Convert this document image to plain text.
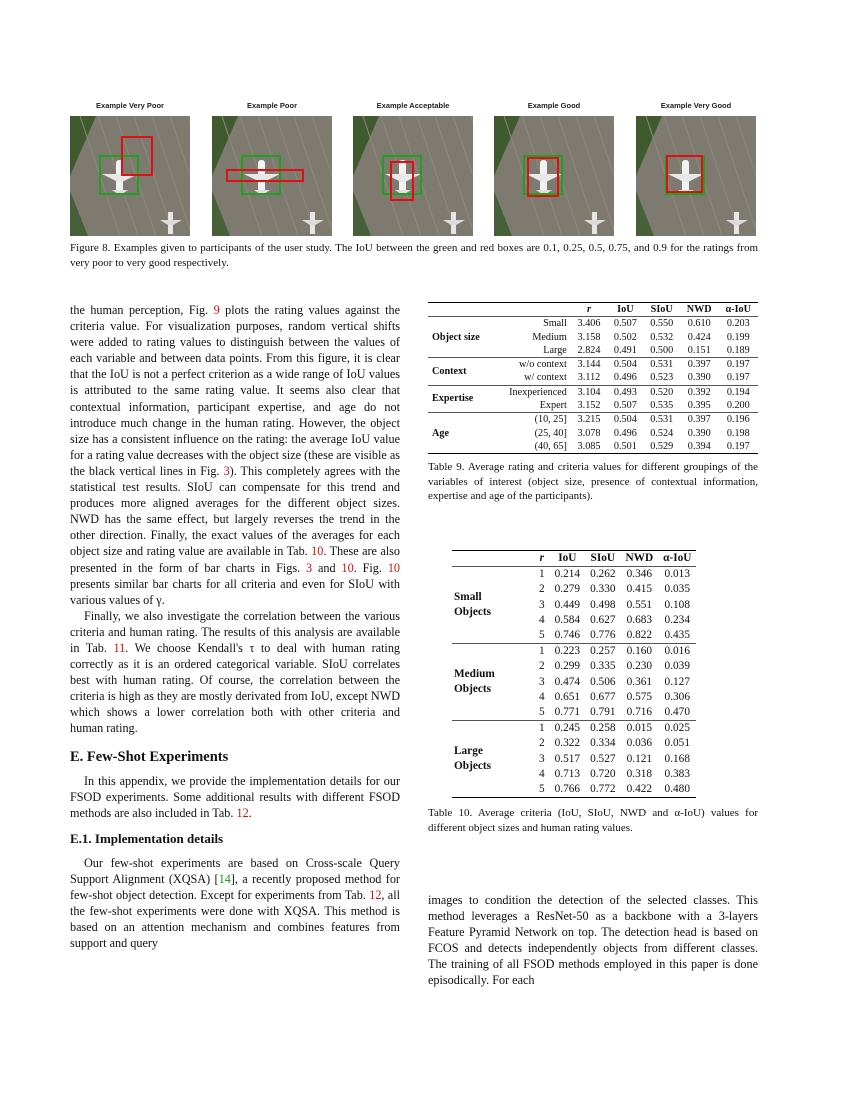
Example Very Poor	Example Poor	Example Acceptable	Example Good	Example Very Good
Figure 8. Examples given to participants of the user study. The IoU between the green and red boxes are 0.1, 0.25, 0.5, 0.75, and 0.9 for the ratings from very poor to very good respectively.

the human perception, Fig. 9 plots the rating values against the criteria value. For visualization purposes, random vertical shifts were added to rating values to distinguish between the values of each variable and between data points. From this figure, it is clear that the IoU is not a perfect criterion as a wide range of IoU values is attributed to the same rating value. It seems also clear that contextual information, participant expertise, and age do not introduce much change in the human rating. However, the object size has a consistent influence on the rating: the average IoU value for a rating value decreases with the object size (these are visible as the black vertical lines in Fig. 3). This completely agrees with the statistical test results. SIoU can compensate for this trend and produces more aligned averages for the different object sizes. NWD has the same effect, but largely reverses the trend in the other direction. Finally, the exact values of the averages for each object size and rating value are available in Tab. 10. These are also presented in the form of bar charts in Figs. 3 and 10. Fig. 10 presents similar bar charts for all criteria and even for SIoU with various values of γ.

Finally, we also investigate the correlation between the various criteria and human rating. The results of this analysis are available in Tab. 11. We choose Kendall's τ to deal with human rating correctly as it is an ordered categorical variable. SIoU correlates best with human rating. Of course, the correlation between the criteria is high as they are mostly derivated from IoU, except NWD which shows a lower correlation both with other criteria and human rating.

E. Few-Shot Experiments

In this appendix, we provide the implementation details for our FSOD experiments. Some additional results with different FSOD methods are also included in Tab. 12.

E.1. Implementation details

Our few-shot experiments are based on Cross-scale Query Support Alignment (XQSA) [14], a recently proposed method for few-shot object detection. Except for experiments from Tab. 12, all the few-shot experiments were done with XQSA. This method is based on an attention mechanism and combines features from support and query

		r	IoU	SIoU	NWD	α-IoU
Object size	Small	3.406	0.507	0.550	0.610	0.203
	Medium	3.158	0.502	0.532	0.424	0.199
	Large	2.824	0.491	0.500	0.151	0.189
Context	w/o context	3.144	0.504	0.531	0.397	0.197
	w/ context	3.112	0.496	0.523	0.390	0.197
Expertise	Inexperienced	3.104	0.493	0.520	0.392	0.194
	Expert	3.152	0.507	0.535	0.395	0.200
Age	(10, 25]	3.215	0.504	0.531	0.397	0.196
	(25, 40]	3.078	0.496	0.524	0.390	0.198
	(40, 65]	3.085	0.501	0.529	0.394	0.197
Table 9. Average rating and criteria values for different groupings of the variables of interest (object size, presence of contextual information, expertise and age of the participants).
	r	IoU	SIoU	NWD	α-IoU

Small
Objects	1	0.214	0.262	0.346	0.013
	2	0.279	0.330	0.415	0.035
	3	0.449	0.498	0.551	0.108
	4	0.584	0.627	0.683	0.234
	5	0.746	0.776	0.822	0.435

Medium
Objects	1	0.223	0.257	0.160	0.016
	2	0.299	0.335	0.230	0.039
	3	0.474	0.506	0.361	0.127
	4	0.651	0.677	0.575	0.306
	5	0.771	0.791	0.716	0.470

Large
Objects	1	0.245	0.258	0.015	0.025
	2	0.322	0.334	0.036	0.051
	3	0.517	0.527	0.121	0.168
	4	0.713	0.720	0.318	0.383
	5	0.766	0.772	0.422	0.480
Table 10. Average criteria (IoU, SIoU, NWD and α-IoU) values for different object sizes and human rating values.

images to condition the detection of the selected classes. This method leverages a ResNet-50 as a backbone with a 3-layers Feature Pyramid Network on top. The detection head is based on FCOS and detects independently objects from different classes. The training of all FSOD methods employed in this paper is done episodically. For each
